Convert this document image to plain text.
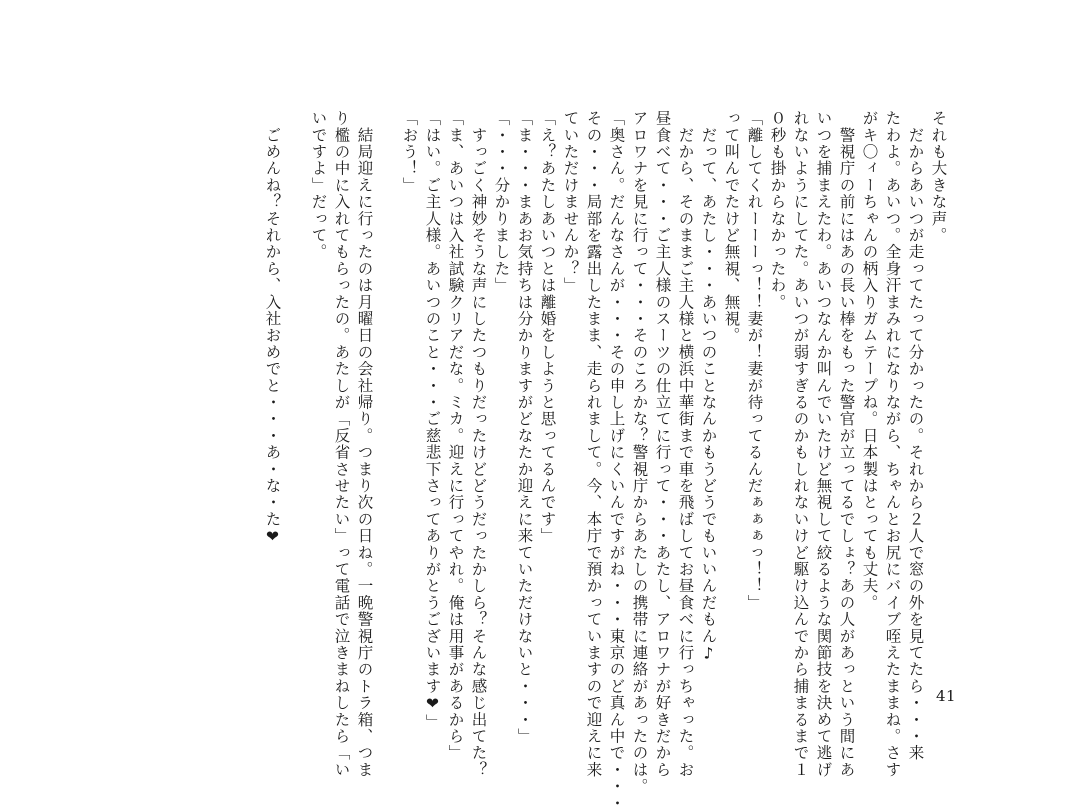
それも大きな声。
　だからあいつが走ってたって分かったの。それから２人で窓の外を見てたら・・・来
たわよ。あいつ。全身汗まみれになりながら、ちゃんとお尻にバイブ咥えたままね。さす
がキ〇ィーちゃんの柄入りガムテープね。日本製はとっても丈夫。
　警視庁の前にはあの長い棒をもった警官が立ってるでしょ？あの人があっという間にあ
いつを捕まえたわ。あいつなんか叫んでいたけど無視して絞るような関節技を決めて逃げ
れないようにしてた。あいつが弱すぎるのかもしれないけど駆け込んでから捕まるまで１
０秒も掛からなかったわ。
「離してくれーーーっ！！妻が！妻が待ってるんだぁぁぁっ！！」
って叫んでたけど無視、無視。
　だって、あたし・・・あいつのことなんかもうどうでもいいんだもん♪
　だから、そのままご主人様と横浜中華街まで車を飛ばしてお昼食べに行っちゃった。お
昼食べて・・・ご主人様のスーツの仕立てに行って・・・あたし、アロワナが好きだから
アロワナを見に行って・・・そのころかな？警視庁からあたしの携帯に連絡があったのは。
「奥さん。だんなさんが・・・その申し上げにくいんですがね・・・東京のど真ん中で・・・
その・・・局部を露出したまま、走られまして。今、本庁で預かっていますので迎えに来
ていただけませんか？」
「え？あたしあいつとは離婚をしようと思ってるんです」
「ま・・・まあお気持ちは分かりますがどなたか迎えに来ていただけないと・・・」
「・・・分かりました」
　すっごく神妙そうな声にしたつもりだったけどどうだったかしら？そんな感じ出てた？
「ま、あいつは入社試験クリアだな。ミカ。迎えに行ってやれ。俺は用事があるから」
「はい。ご主人様。あいつのこと・・・ご慈悲下さってありがとうございます❤」
「おう！」
　結局迎えに行ったのは月曜日の会社帰り。つまり次の日ね。一晩警視庁のトラ箱、つま
り檻の中に入れてもらったの。あたしが「反省させたい」って電話で泣きまねしたら「い
いですよ」だって。
　ごめんね？それから、入社おめでと・・・あ・な・た❤
41
